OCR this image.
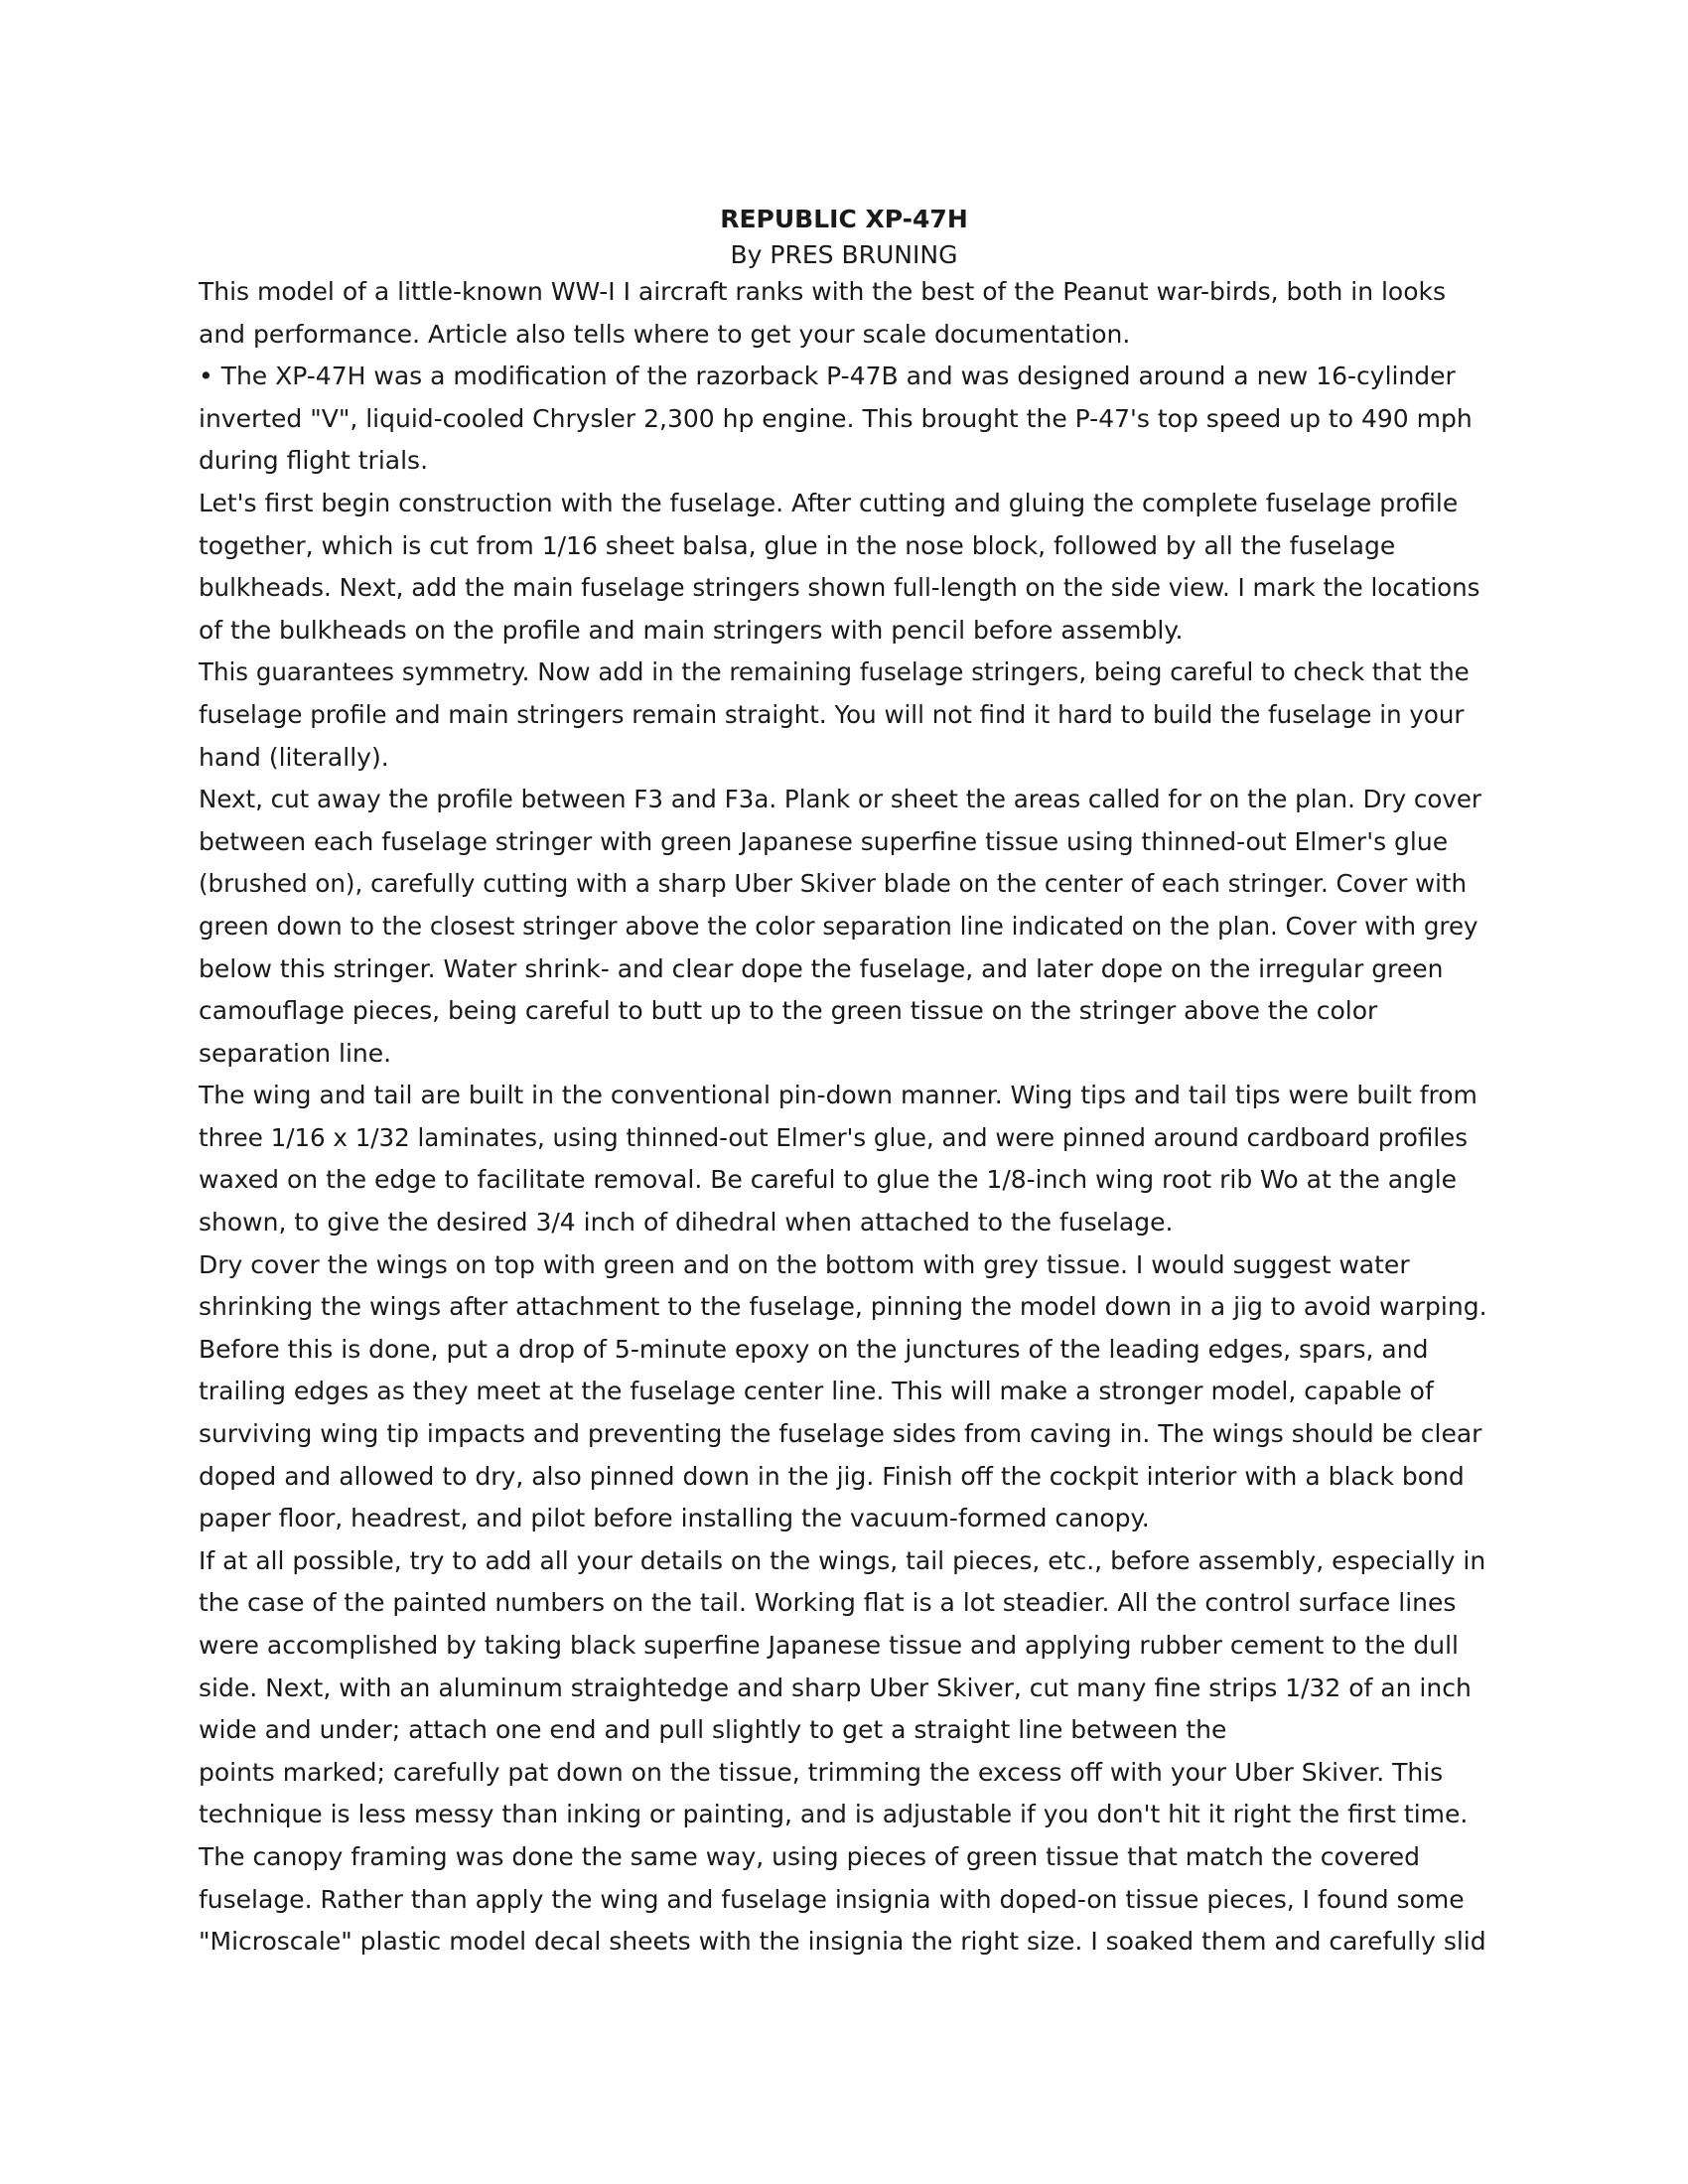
REPUBLIC XP-47H
By PRES BRUNING

This model of a little-known WW-I I aircraft ranks with the best of the Peanut war-birds, both in looks

and performance. Article also tells where to get your scale documentation.

• The XP-47H was a modification of the razorback P-47B and was designed around a new 16-cylinder

inverted "V", liquid-cooled Chrysler 2,300 hp engine. This brought the P-47's top speed up to 490 mph

during flight trials.

Let's first begin construction with the fuselage. After cutting and gluing the complete fuselage profile

together, which is cut from 1/16 sheet balsa, glue in the nose block, followed by all the fuselage

bulkheads. Next, add the main fuselage stringers shown full-length on the side view. I mark the locations

of the bulkheads on the profile and main stringers with pencil before assembly.

This guarantees symmetry. Now add in the remaining fuselage stringers, being careful to check that the

fuselage profile and main stringers remain straight. You will not find it hard to build the fuselage in your

hand (literally).

Next, cut away the profile between F3 and F3a. Plank or sheet the areas called for on the plan. Dry cover

between each fuselage stringer with green Japanese superfine tissue using thinned-out Elmer's glue

(brushed on), carefully cutting with a sharp Uber Skiver blade on the center of each stringer. Cover with

green down to the closest stringer above the color separation line indicated on the plan. Cover with grey

below this stringer. Water shrink- and clear dope the fuselage, and later dope on the irregular green

camouflage pieces, being careful to butt up to the green tissue on the stringer above the color

separation line.

The wing and tail are built in the conventional pin-down manner. Wing tips and tail tips were built from

three 1/16 x 1/32 laminates, using thinned-out Elmer's glue, and were pinned around cardboard profiles

waxed on the edge to facilitate removal. Be careful to glue the 1/8-inch wing root rib Wo at the angle

shown, to give the desired 3/4 inch of dihedral when attached to the fuselage.

Dry cover the wings on top with green and on the bottom with grey tissue. I would suggest water

shrinking the wings after attachment to the fuselage, pinning the model down in a jig to avoid warping.

Before this is done, put a drop of 5-minute epoxy on the junctures of the leading edges, spars, and

trailing edges as they meet at the fuselage center line. This will make a stronger model, capable of

surviving wing tip impacts and preventing the fuselage sides from caving in. The wings should be clear

doped and allowed to dry, also pinned down in the jig. Finish off the cockpit interior with a black bond

paper floor, headrest, and pilot before installing the vacuum-formed canopy.

If at all possible, try to add all your details on the wings, tail pieces, etc., before assembly, especially in

the case of the painted numbers on the tail. Working flat is a lot steadier. All the control surface lines

were accomplished by taking black superfine Japanese tissue and applying rubber cement to the dull

side. Next, with an aluminum straightedge and sharp Uber Skiver, cut many fine strips 1/32 of an inch

wide and under; attach one end and pull slightly to get a straight line between the

points marked; carefully pat down on the tissue, trimming the excess off with your Uber Skiver. This

technique is less messy than inking or painting, and is adjustable if you don't hit it right the first time.

The canopy framing was done the same way, using pieces of green tissue that match the covered

fuselage. Rather than apply the wing and fuselage insignia with doped-on tissue pieces, I found some

"Microscale" plastic model decal sheets with the insignia the right size. I soaked them and carefully slid
